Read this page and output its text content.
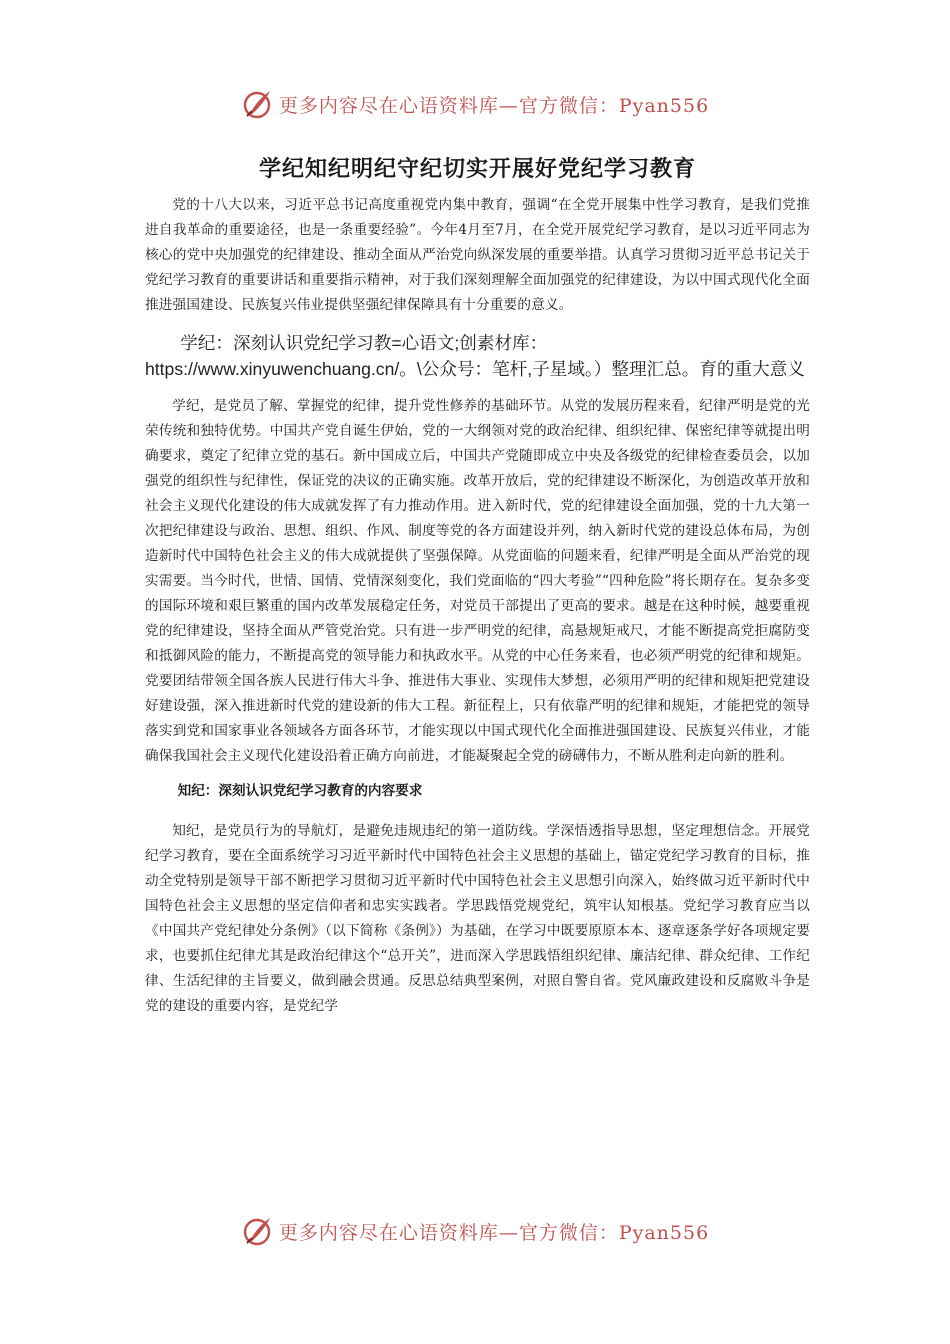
更多内容尽在心语资料库—官方微信：Pyan556
学纪知纪明纪守纪切实开展好党纪学习教育

党的十八大以来，习近平总书记高度重视党内集中教育，强调“在全党开展集中性学习教育，是我们党推进自我革命的重要途径，也是一条重要经验”。今年4月至7月，在全党开展党纪学习教育，是以习近平同志为核心的党中央加强党的纪律建设、推动全面从严治党向纵深发展的重要举措。认真学习贯彻习近平总书记关于党纪学习教育的重要讲话和重要指示精神，对于我们深刻理解全面加强党的纪律建设，为以中国式现代化全面推进强国建设、民族复兴伟业提供坚强纪律保障具有十分重要的意义。

学纪：深刻认识党纪学习教=心语文;创素材库：https://www.xinyuwenchuang.cn/。\公众号：笔杆,子星域。）整理汇总。育的重大意义

学纪，是党员了解、掌握党的纪律，提升党性修养的基础环节。从党的发展历程来看，纪律严明是党的光荣传统和独特优势。中国共产党自诞生伊始，党的一大纲领对党的政治纪律、组织纪律、保密纪律等就提出明确要求，奠定了纪律立党的基石。新中国成立后，中国共产党随即成立中央及各级党的纪律检查委员会，以加强党的组织性与纪律性，保证党的决议的正确实施。改革开放后，党的纪律建设不断深化，为创造改革开放和社会主义现代化建设的伟大成就发挥了有力推动作用。进入新时代，党的纪律建设全面加强，党的十九大第一次把纪律建设与政治、思想、组织、作风、制度等党的各方面建设并列，纳入新时代党的建设总体布局，为创造新时代中国特色社会主义的伟大成就提供了坚强保障。从党面临的问题来看，纪律严明是全面从严治党的现实需要。当今时代，世情、国情、党情深刻变化，我们党面临的“四大考验”“四种危险”将长期存在。复杂多变的国际环境和艰巨繁重的国内改革发展稳定任务，对党员干部提出了更高的要求。越是在这种时候，越要重视党的纪律建设，坚持全面从严管党治党。只有进一步严明党的纪律，高悬规矩戒尺，才能不断提高党拒腐防变和抵御风险的能力，不断提高党的领导能力和执政水平。从党的中心任务来看，也必须严明党的纪律和规矩。党要团结带领全国各族人民进行伟大斗争、推进伟大事业、实现伟大梦想，必须用严明的纪律和规矩把党建设好建设强，深入推进新时代党的建设新的伟大工程。新征程上，只有依靠严明的纪律和规矩，才能把党的领导落实到党和国家事业各领域各方面各环节，才能实现以中国式现代化全面推进强国建设、民族复兴伟业，才能确保我国社会主义现代化建设沿着正确方向前进，才能凝聚起全党的磅礴伟力，不断从胜利走向新的胜利。

知纪：深刻认识党纪学习教育的内容要求

知纪，是党员行为的导航灯，是避免违规违纪的第一道防线。学深悟透指导思想，坚定理想信念。开展党纪学习教育，要在全面系统学习习近平新时代中国特色社会主义思想的基础上，锚定党纪学习教育的目标，推动全党特别是领导干部不断把学习贯彻习近平新时代中国特色社会主义思想引向深入，始终做习近平新时代中国特色社会主义思想的坚定信仰者和忠实实践者。学思践悟党规党纪，筑牢认知根基。党纪学习教育应当以《中国共产党纪律处分条例》（以下简称《条例》）为基础，在学习中既要原原本本、逐章逐条学好各项规定要求，也要抓住纪律尤其是政治纪律这个“总开关”，进而深入学思践悟组织纪律、廉洁纪律、群众纪律、工作纪律、生活纪律的主旨要义，做到融会贯通。反思总结典型案例，对照自警自省。党风廉政建设和反腐败斗争是党的建设的重要内容，是党纪学

更多内容尽在心语资料库—官方微信：Pyan556
